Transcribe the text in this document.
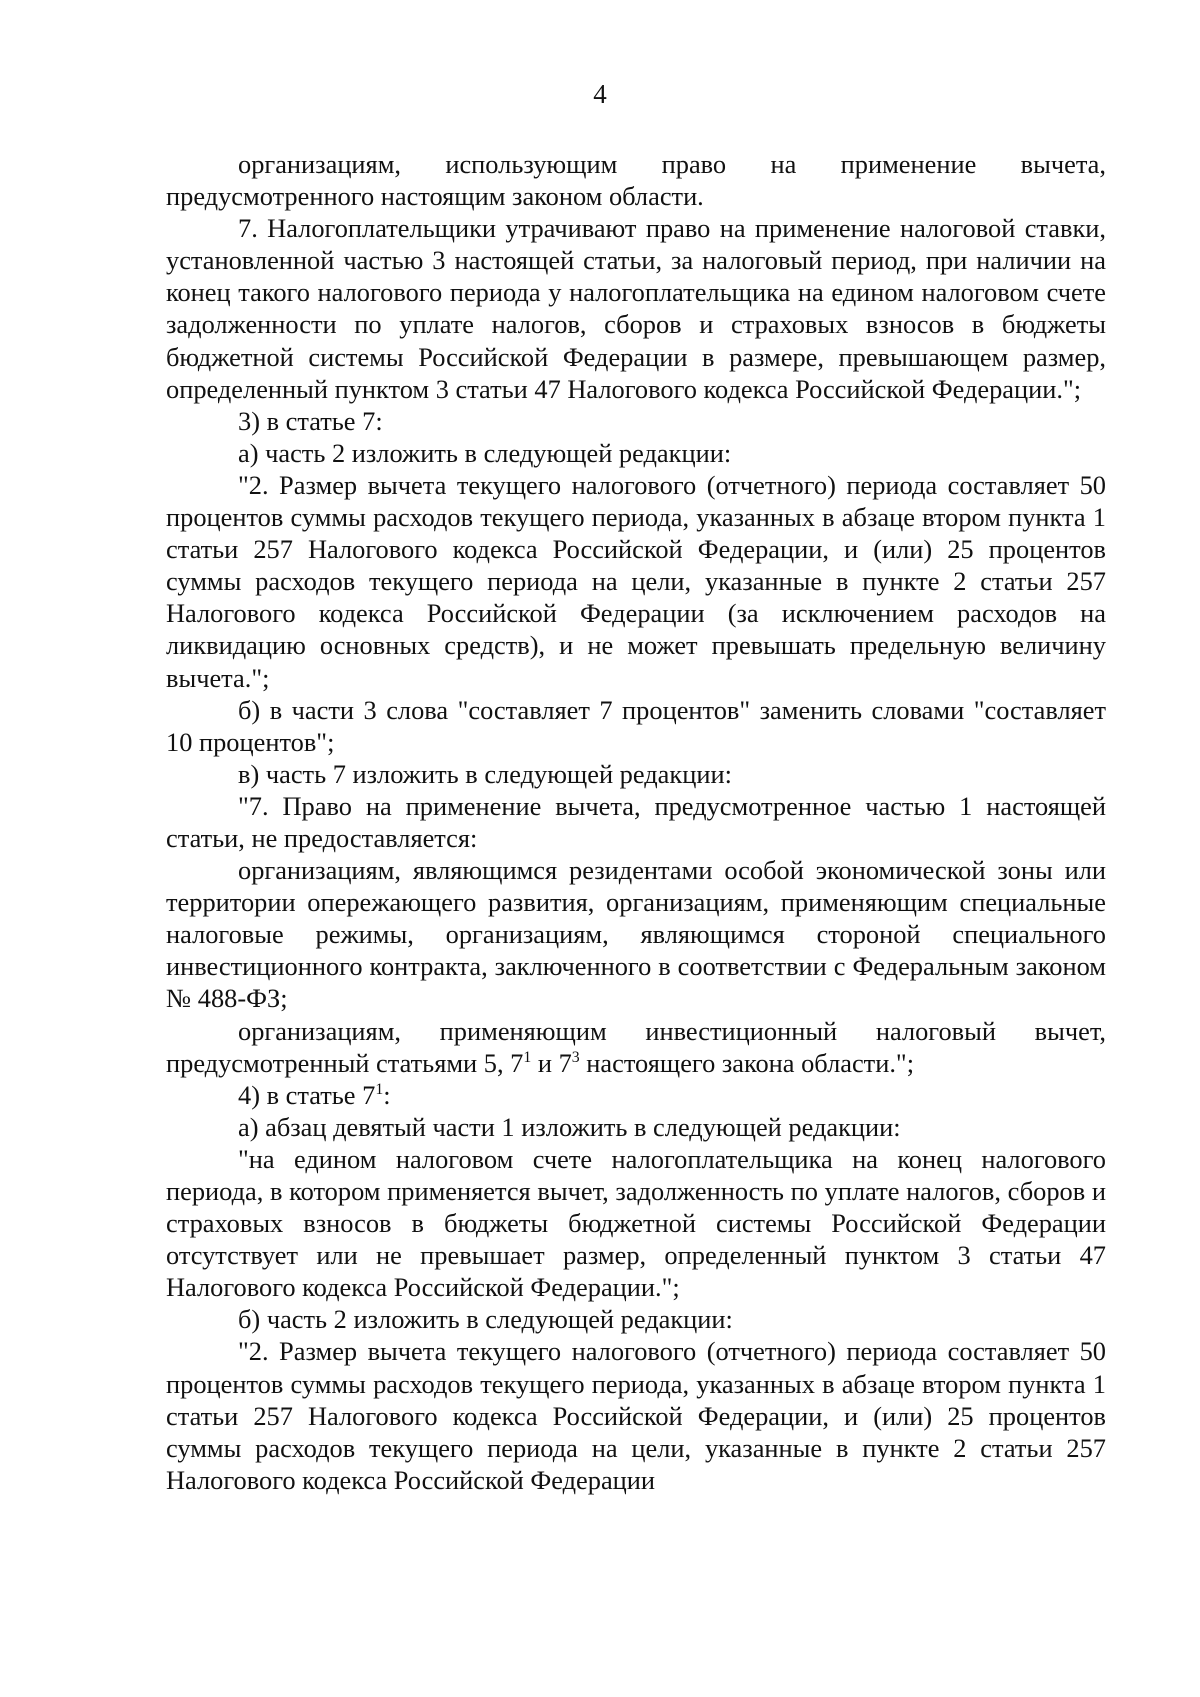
4

организациям, использующим право на применение вычета, предусмотренного настоящим законом области.

7. Налогоплательщики утрачивают право на применение налоговой ставки, установленной частью 3 настоящей статьи, за налоговый период, при наличии на конец такого налогового периода у налогоплательщика на едином налоговом счете задолженности по уплате налогов, сборов и страховых взносов в бюджеты бюджетной системы Российской Федерации в размере, превышающем размер, определенный пунктом 3 статьи 47 Налогового кодекса Российской Федерации.";

3) в статье 7:

а) часть 2 изложить в следующей редакции:

"2. Размер вычета текущего налогового (отчетного) периода составляет 50 процентов суммы расходов текущего периода, указанных в абзаце втором пункта 1 статьи 257 Налогового кодекса Российской Федерации, и (или) 25 процентов суммы расходов текущего периода на цели, указанные в пункте 2 статьи 257 Налогового кодекса Российской Федерации (за исключением расходов на ликвидацию основных средств), и не может превышать предельную величину вычета.";

б) в части 3 слова "составляет 7 процентов" заменить словами "составляет 10 процентов";

в) часть 7 изложить в следующей редакции:

"7. Право на применение вычета, предусмотренное частью 1 настоящей статьи, не предоставляется:

организациям, являющимся резидентами особой экономической зоны или территории опережающего развития, организациям, применяющим специальные налоговые режимы, организациям, являющимся стороной специального инвестиционного контракта, заключенного в соответствии с Федеральным законом № 488-ФЗ;

организациям, применяющим инвестиционный налоговый вычет, предусмотренный статьями 5, $7^1$ и $7^3$ настоящего закона области.";

4) в статье $7^1$:

а) абзац девятый части 1 изложить в следующей редакции:

"на едином налоговом счете налогоплательщика на конец налогового периода, в котором применяется вычет, задолженность по уплате налогов, сборов и страховых взносов в бюджеты бюджетной системы Российской Федерации отсутствует или не превышает размер, определенный пунктом 3 статьи 47 Налогового кодекса Российской Федерации.";

б) часть 2 изложить в следующей редакции:

"2. Размер вычета текущего налогового (отчетного) периода составляет 50 процентов суммы расходов текущего периода, указанных в абзаце втором пункта 1 статьи 257 Налогового кодекса Российской Федерации, и (или) 25 процентов суммы расходов текущего периода на цели, указанные в пункте 2 статьи 257 Налогового кодекса Российской Федерации
